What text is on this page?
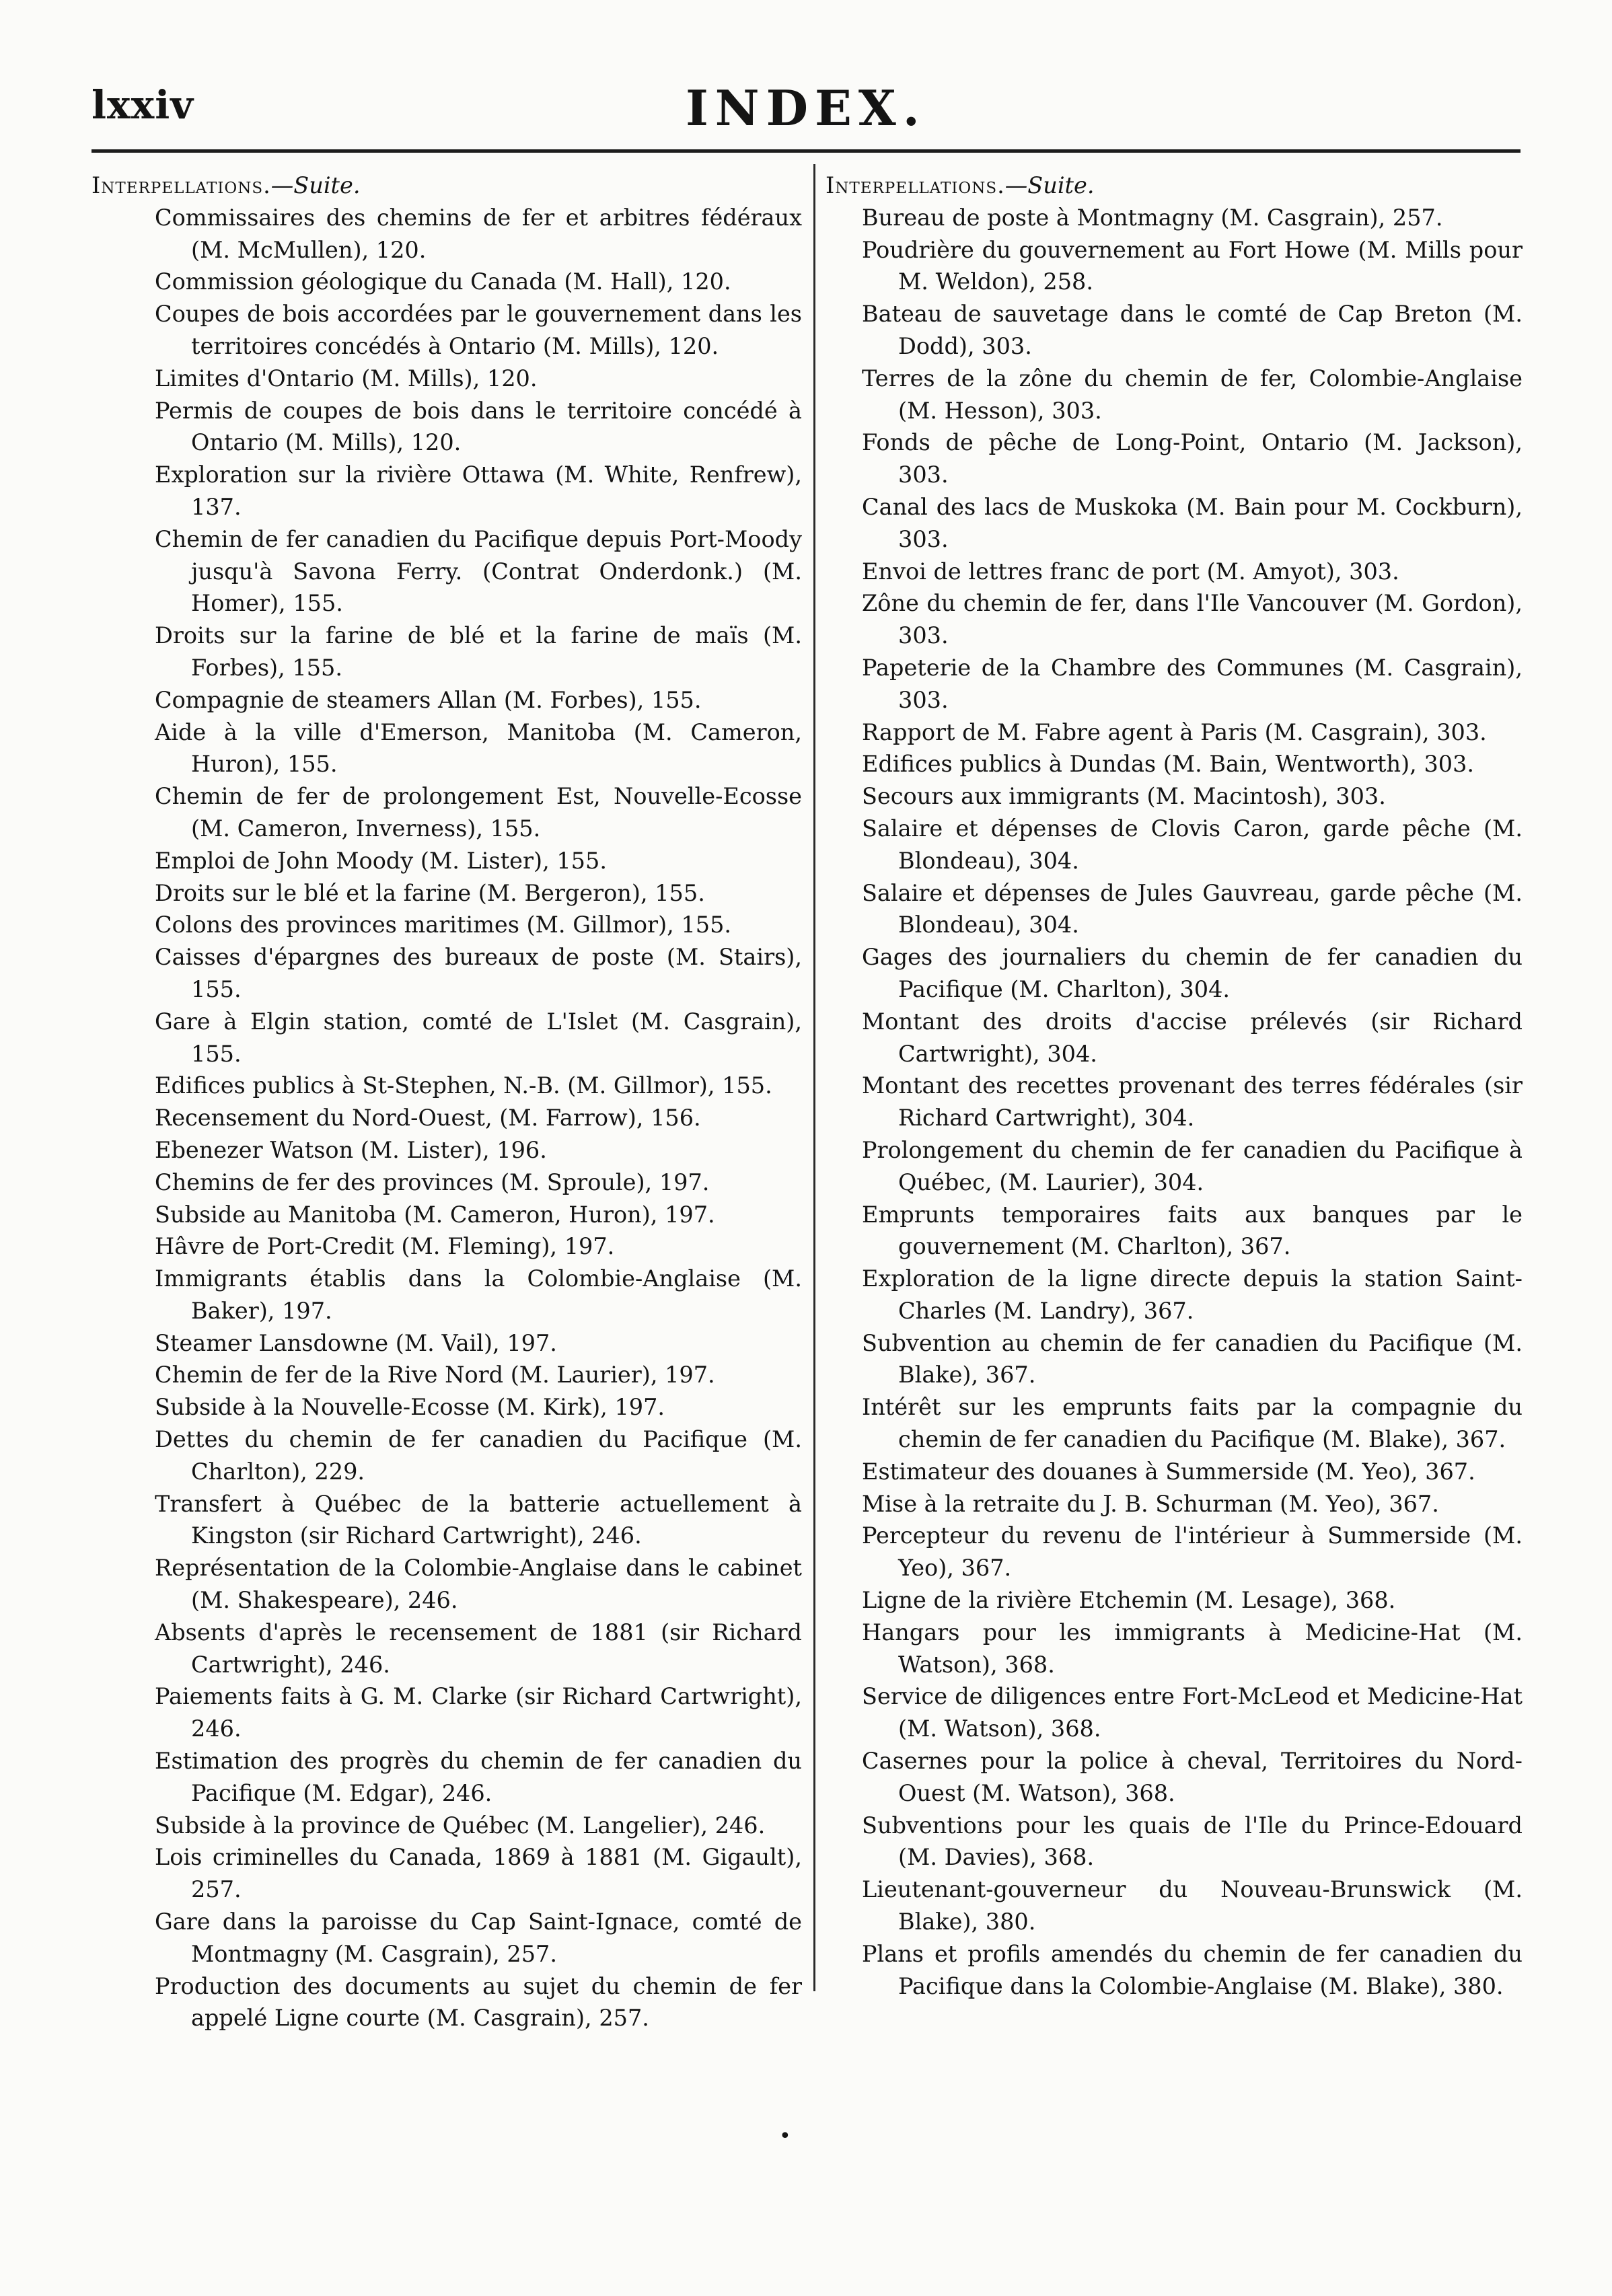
lxxiv	INDEX.
Interpellations.—Suite.
Commissaires des chemins de fer et arbitres fédéraux (M. McMullen), 120.
Commission géologique du Canada (M. Hall), 120.
Coupes de bois accordées par le gouvernement dans les territoires concédés à Ontario (M. Mills), 120.
Limites d'Ontario (M. Mills), 120.
Permis de coupes de bois dans le territoire concédé à Ontario (M. Mills), 120.
Exploration sur la rivière Ottawa (M. White, Renfrew), 137.
Chemin de fer canadien du Pacifique depuis Port-Moody jusqu'à Savona Ferry. (Contrat Onderdonk.) (M. Homer), 155.
Droits sur la farine de blé et la farine de maïs (M. Forbes), 155.
Compagnie de steamers Allan (M. Forbes), 155.
Aide à la ville d'Emerson, Manitoba (M. Cameron, Huron), 155.
Chemin de fer de prolongement Est, Nouvelle-Ecosse (M. Cameron, Inverness), 155.
Emploi de John Moody (M. Lister), 155.
Droits sur le blé et la farine (M. Bergeron), 155.
Colons des provinces maritimes (M. Gillmor), 155.
Caisses d'épargnes des bureaux de poste (M. Stairs), 155.
Gare à Elgin station, comté de L'Islet (M. Casgrain), 155.
Edifices publics à St-Stephen, N.-B. (M. Gillmor), 155.
Recensement du Nord-Ouest, (M. Farrow), 156.
Ebenezer Watson (M. Lister), 196.
Chemins de fer des provinces (M. Sproule), 197.
Subside au Manitoba (M. Cameron, Huron), 197.
Hâvre de Port-Credit (M. Fleming), 197.
Immigrants établis dans la Colombie-Anglaise (M. Baker), 197.
Steamer Lansdowne (M. Vail), 197.
Chemin de fer de la Rive Nord (M. Laurier), 197.
Subside à la Nouvelle-Ecosse (M. Kirk), 197.
Dettes du chemin de fer canadien du Pacifique (M. Charlton), 229.
Transfert à Québec de la batterie actuellement à Kingston (sir Richard Cartwright), 246.
Représentation de la Colombie-Anglaise dans le cabinet (M. Shakespeare), 246.
Absents d'après le recensement de 1881 (sir Richard Cartwright), 246.
Paiements faits à G. M. Clarke (sir Richard Cartwright), 246.
Estimation des progrès du chemin de fer canadien du Pacifique (M. Edgar), 246.
Subside à la province de Québec (M. Langelier), 246.
Lois criminelles du Canada, 1869 à 1881 (M. Gigault), 257.
Gare dans la paroisse du Cap Saint-Ignace, comté de Montmagny (M. Casgrain), 257.
Production des documents au sujet du chemin de fer appelé Ligne courte (M. Casgrain), 257.
Interpellations.—Suite.
Bureau de poste à Montmagny (M. Casgrain), 257.
Poudrière du gouvernement au Fort Howe (M. Mills pour M. Weldon), 258.
Bateau de sauvetage dans le comté de Cap Breton (M. Dodd), 303.
Terres de la zône du chemin de fer, Colombie-Anglaise (M. Hesson), 303.
Fonds de pêche de Long-Point, Ontario (M. Jackson), 303.
Canal des lacs de Muskoka (M. Bain pour M. Cockburn), 303.
Envoi de lettres franc de port (M. Amyot), 303.
Zône du chemin de fer, dans l'Ile Vancouver (M. Gordon), 303.
Papeterie de la Chambre des Communes (M. Casgrain), 303.
Rapport de M. Fabre agent à Paris (M. Casgrain), 303.
Edifices publics à Dundas (M. Bain, Wentworth), 303.
Secours aux immigrants (M. Macintosh), 303.
Salaire et dépenses de Clovis Caron, garde pêche (M. Blondeau), 304.
Salaire et dépenses de Jules Gauvreau, garde pêche (M. Blondeau), 304.
Gages des journaliers du chemin de fer canadien du Pacifique (M. Charlton), 304.
Montant des droits d'accise prélevés (sir Richard Cartwright), 304.
Montant des recettes provenant des terres fédérales (sir Richard Cartwright), 304.
Prolongement du chemin de fer canadien du Pacifique à Québec, (M. Laurier), 304.
Emprunts temporaires faits aux banques par le gouvernement (M. Charlton), 367.
Exploration de la ligne directe depuis la station Saint-Charles (M. Landry), 367.
Subvention au chemin de fer canadien du Pacifique (M. Blake), 367.
Intérêt sur les emprunts faits par la compagnie du chemin de fer canadien du Pacifique (M. Blake), 367.
Estimateur des douanes à Summerside (M. Yeo), 367.
Mise à la retraite du J. B. Schurman (M. Yeo), 367.
Percepteur du revenu de l'intérieur à Summerside (M. Yeo), 367.
Ligne de la rivière Etchemin (M. Lesage), 368.
Hangars pour les immigrants à Medicine-Hat (M. Watson), 368.
Service de diligences entre Fort-McLeod et Medicine-Hat (M. Watson), 368.
Casernes pour la police à cheval, Territoires du Nord-Ouest (M. Watson), 368.
Subventions pour les quais de l'Ile du Prince-Edouard (M. Davies), 368.
Lieutenant-gouverneur du Nouveau-Brunswick (M. Blake), 380.
Plans et profils amendés du chemin de fer canadien du Pacifique dans la Colombie-Anglaise (M. Blake), 380.
•
